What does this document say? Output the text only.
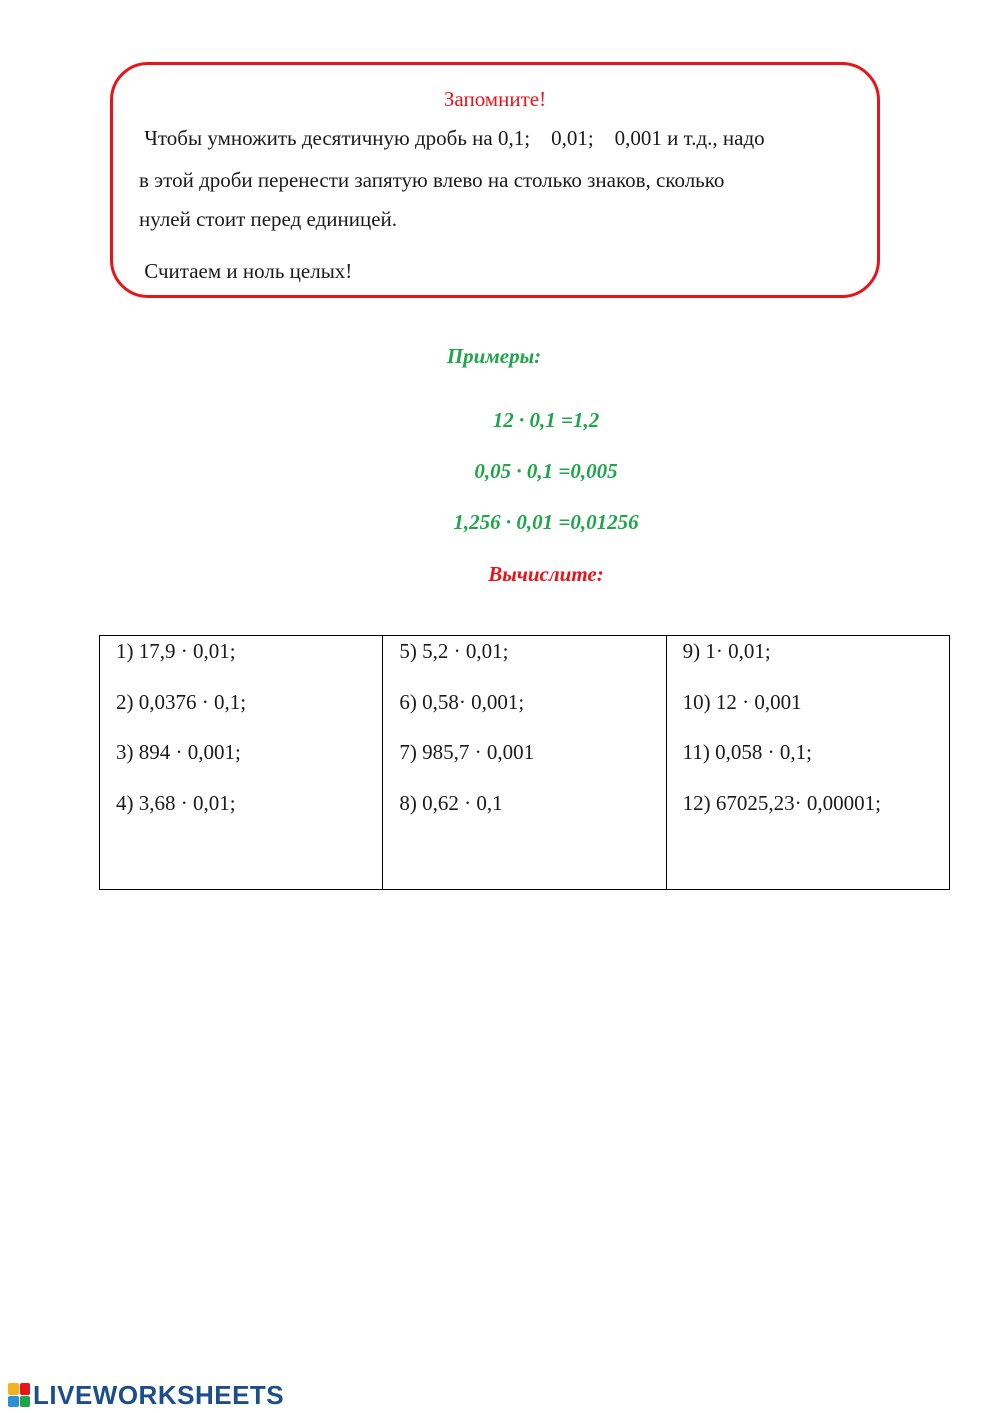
Запомните!
Чтобы умножить десятичную дробь на 0,1;    0,01;    0,001 и т.д., надо
в этой дроби перенести запятую влево на столько знаков, сколько
нулей стоит перед единицей.
Считаем и ноль целых!
Примеры:
12 · 0,1 =1,2
0,05 · 0,1 =0,005
1,256 · 0,01 =0,01256
Вычислите:
1) 17,9 · 0,01;
2) 0,0376 · 0,1;
3) 894 · 0,001;
4) 3,68 · 0,01;

5) 5,2 · 0,01;
6) 0,58· 0,001;
7) 985,7 · 0,001
8) 0,62 · 0,1

9) 1· 0,01;
10) 12 · 0,001
11) 0,058 · 0,1;
12) 67025,23· 0,00001;
LIVEWORKSHEETS
